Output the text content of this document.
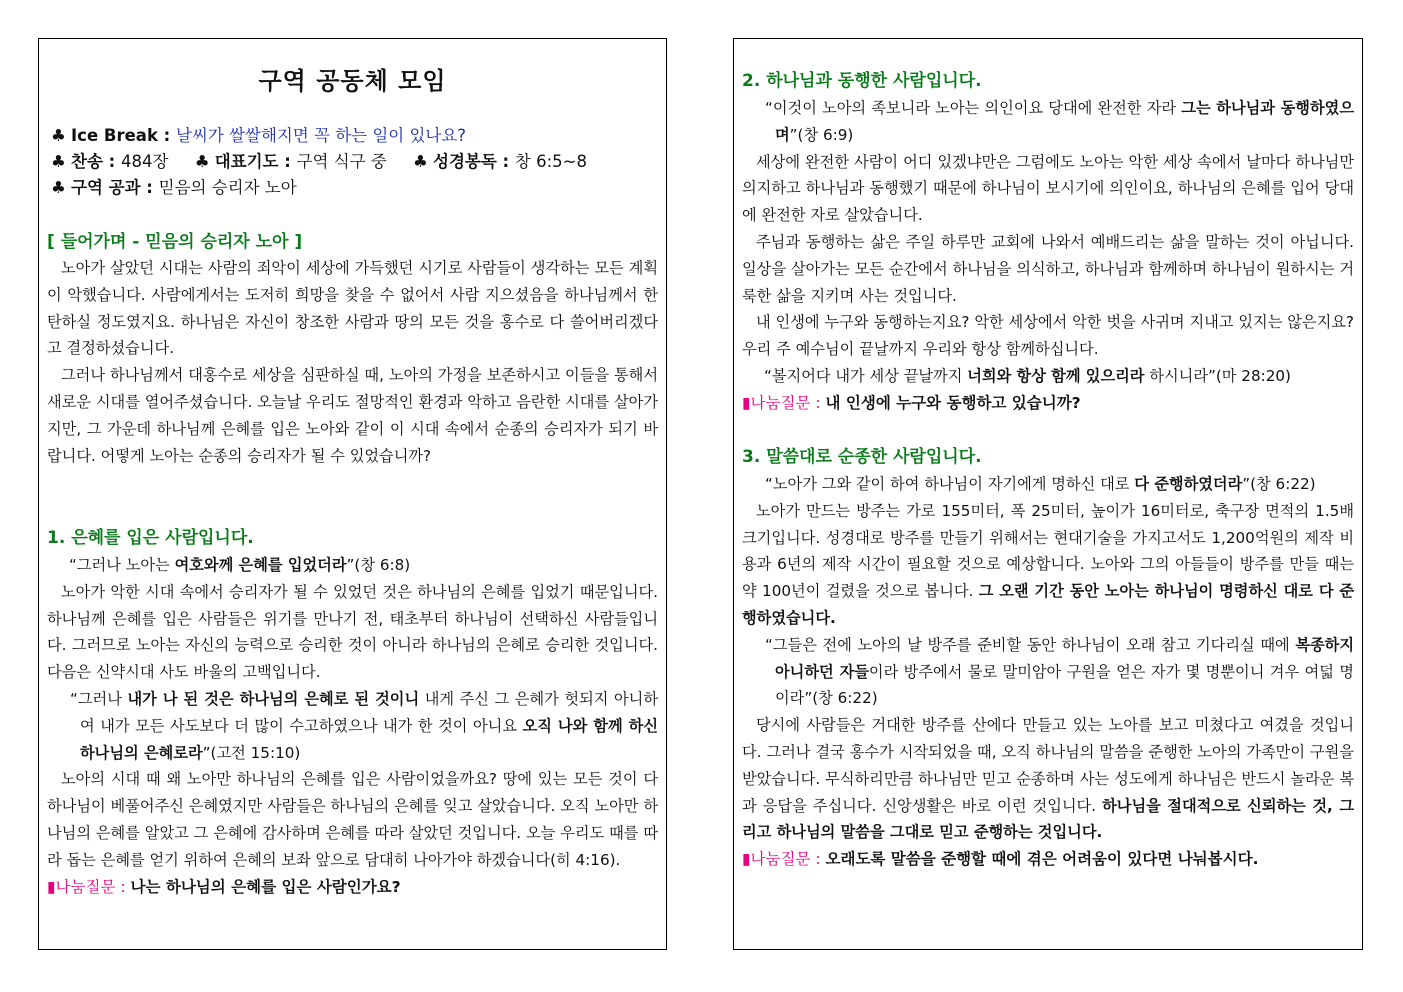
구역 공동체 모임
♣ Ice Break : 날씨가 쌀쌀해지면 꼭 하는 일이 있나요?
♣ 찬송 : 484장 ♣ 대표기도 : 구역 식구 중 ♣ 성경봉독 : 창 6:5~8
♣ 구역 공과 : 믿음의 승리자 노아
[ 들어가며 - 믿음의 승리자 노아 ]

노아가 살았던 시대는 사람의 죄악이 세상에 가득했던 시기로 사람들이 생각하는 모든 계획이 악했습니다. 사람에게서는 도저히 희망을 찾을 수 없어서 사람 지으셨음을 하나님께서 한탄하실 정도였지요. 하나님은 자신이 창조한 사람과 땅의 모든 것을 홍수로 다 쓸어버리겠다고 결정하셨습니다.

그러나 하나님께서 대홍수로 세상을 심판하실 때, 노아의 가정을 보존하시고 이들을 통해서 새로운 시대를 열어주셨습니다. 오늘날 우리도 절망적인 환경과 악하고 음란한 시대를 살아가지만, 그 가운데 하나님께 은혜를 입은 노아와 같이 이 시대 속에서 순종의 승리자가 되기 바랍니다. 어떻게 노아는 순종의 승리자가 될 수 있었습니까?

1. 은혜를 입은 사람입니다.

“그러나 노아는 여호와께 은혜를 입었더라”(창 6:8)

노아가 악한 시대 속에서 승리자가 될 수 있었던 것은 하나님의 은혜를 입었기 때문입니다. 하나님께 은혜를 입은 사람들은 위기를 만나기 전, 태초부터 하나님이 선택하신 사람들입니다. 그러므로 노아는 자신의 능력으로 승리한 것이 아니라 하나님의 은혜로 승리한 것입니다. 다음은 신약시대 사도 바울의 고백입니다.

“그러나 내가 나 된 것은 하나님의 은혜로 된 것이니 내게 주신 그 은혜가 헛되지 아니하여 내가 모든 사도보다 더 많이 수고하였으나 내가 한 것이 아니요 오직 나와 함께 하신 하나님의 은혜로라”(고전 15:10)

노아의 시대 때 왜 노아만 하나님의 은혜를 입은 사람이었을까요? 땅에 있는 모든 것이 다 하나님이 베풀어주신 은혜였지만 사람들은 하나님의 은혜를 잊고 살았습니다. 오직 노아만 하나님의 은혜를 알았고 그 은혜에 감사하며 은혜를 따라 살았던 것입니다. 오늘 우리도 때를 따라 돕는 은혜를 얻기 위하여 은혜의 보좌 앞으로 담대히 나아가야 하겠습니다(히 4:16).

▮나눔질문 : 나는 하나님의 은혜를 입은 사람인가요?

2. 하나님과 동행한 사람입니다.

“이것이 노아의 족보니라 노아는 의인이요 당대에 완전한 자라 그는 하나님과 동행하였으며”(창 6:9)

세상에 완전한 사람이 어디 있겠냐만은 그럼에도 노아는 악한 세상 속에서 날마다 하나님만 의지하고 하나님과 동행했기 때문에 하나님이 보시기에 의인이요, 하나님의 은혜를 입어 당대에 완전한 자로 살았습니다.

주님과 동행하는 삶은 주일 하루만 교회에 나와서 예배드리는 삶을 말하는 것이 아닙니다. 일상을 살아가는 모든 순간에서 하나님을 의식하고, 하나님과 함께하며 하나님이 원하시는 거룩한 삶을 지키며 사는 것입니다.

내 인생에 누구와 동행하는지요? 악한 세상에서 악한 벗을 사귀며 지내고 있지는 않은지요? 우리 주 예수님이 끝날까지 우리와 항상 함께하십니다.

“볼지어다 내가 세상 끝날까지 너희와 항상 함께 있으리라 하시니라”(마 28:20)

▮나눔질문 : 내 인생에 누구와 동행하고 있습니까?

3. 말씀대로 순종한 사람입니다.

“노아가 그와 같이 하여 하나님이 자기에게 명하신 대로 다 준행하였더라”(창 6:22)

노아가 만드는 방주는 가로 155미터, 폭 25미터, 높이가 16미터로, 축구장 면적의 1.5배 크기입니다. 성경대로 방주를 만들기 위해서는 현대기술을 가지고서도 1,200억원의 제작 비용과 6년의 제작 시간이 필요할 것으로 예상합니다. 노아와 그의 아들들이 방주를 만들 때는 약 100년이 걸렸을 것으로 봅니다. 그 오랜 기간 동안 노아는 하나님이 명령하신 대로 다 준행하였습니다.

“그들은 전에 노아의 날 방주를 준비할 동안 하나님이 오래 참고 기다리실 때에 복종하지 아니하던 자들이라 방주에서 물로 말미암아 구원을 얻은 자가 몇 명뿐이니 겨우 여덟 명이라”(창 6:22)

당시에 사람들은 거대한 방주를 산에다 만들고 있는 노아를 보고 미쳤다고 여겼을 것입니다. 그러나 결국 홍수가 시작되었을 때, 오직 하나님의 말씀을 준행한 노아의 가족만이 구원을 받았습니다. 무식하리만큼 하나님만 믿고 순종하며 사는 성도에게 하나님은 반드시 놀라운 복과 응답을 주십니다. 신앙생활은 바로 이런 것입니다. 하나님을 절대적으로 신뢰하는 것, 그리고 하나님의 말씀을 그대로 믿고 준행하는 것입니다.

▮나눔질문 : 오래도록 말씀을 준행할 때에 겪은 어려움이 있다면 나눠봅시다.
